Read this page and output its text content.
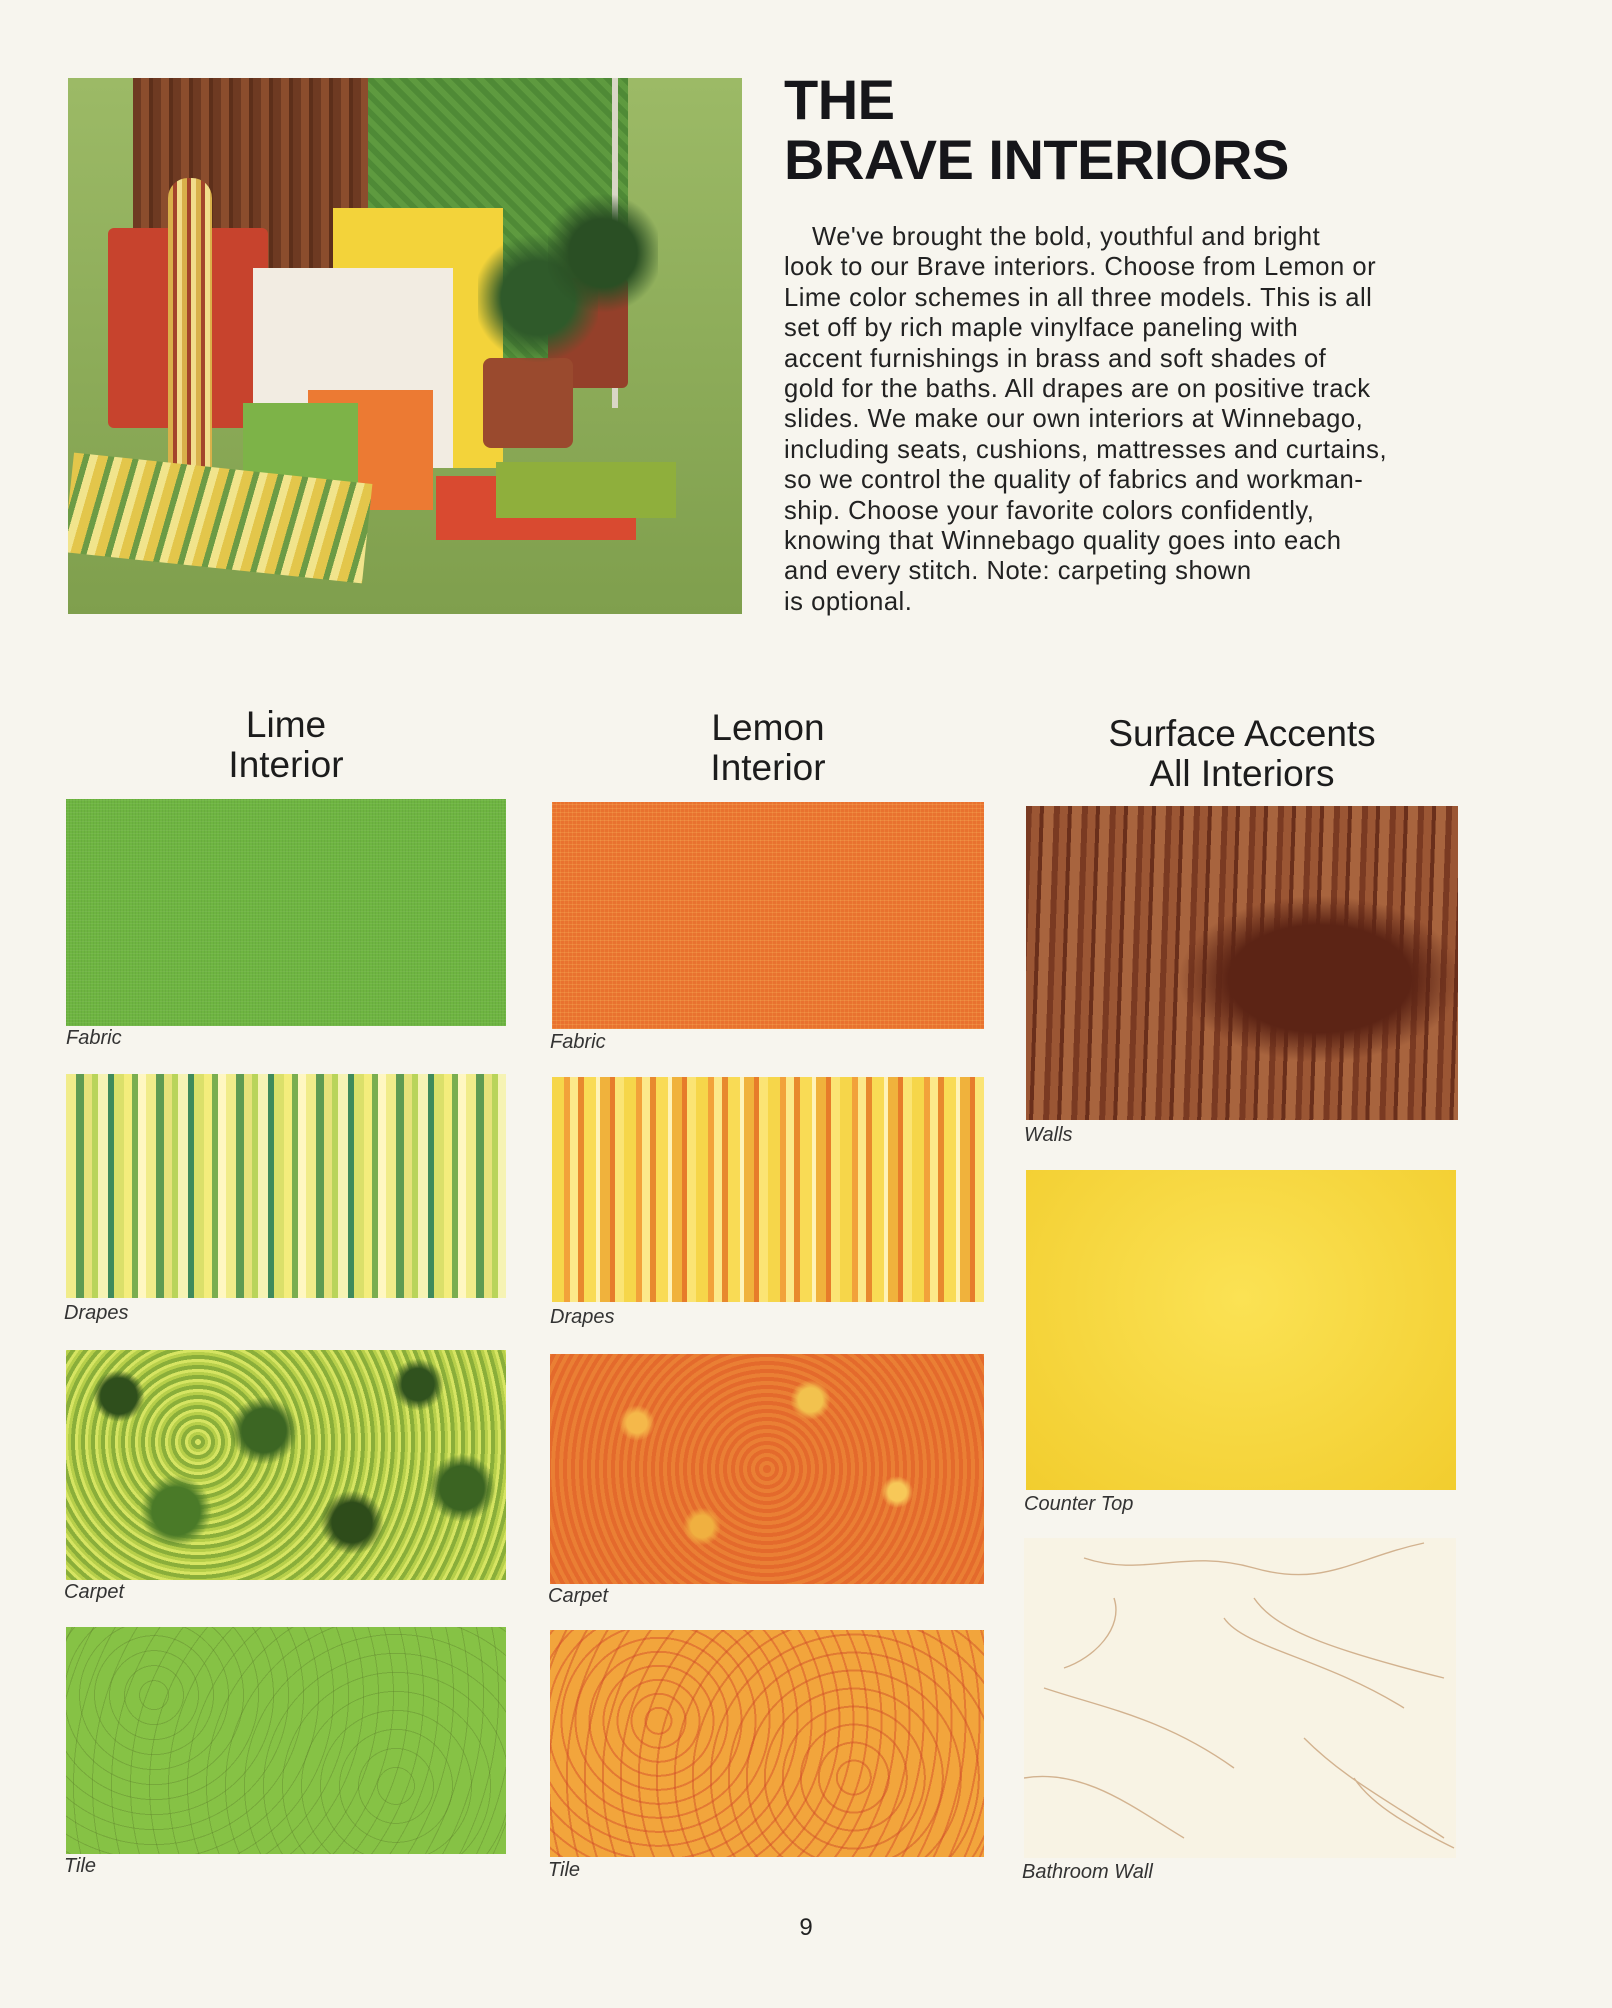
THE
BRAVE INTERIORS
We've brought the bold, youthful and bright
look to our Brave interiors. Choose from Lemon or
Lime color schemes in all three models. This is all
set off by rich maple vinylface paneling with
accent furnishings in brass and soft shades of
gold for the baths. All drapes are on positive track
slides. We make our own interiors at Winnebago,
including seats, cushions, mattresses and curtains,
so we control the quality of fabrics and workman-
ship. Choose your favorite colors confidently,
knowing that Winnebago quality goes into each
and every stitch. Note: carpeting shown
is optional.
Lime
Interior
Fabric
Drapes
Carpet
Tile
Lemon
Interior
Fabric
Drapes
Carpet
Tile
Surface Accents
All Interiors
Walls
Counter Top
Bathroom Wall
9
